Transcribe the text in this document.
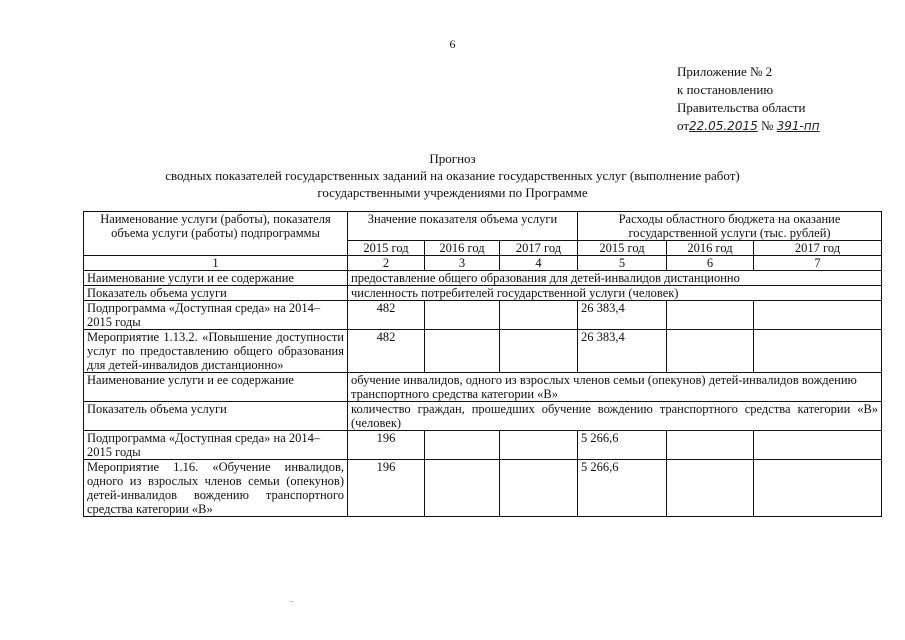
6
Приложение № 2
к постановлению
Правительства области
от22.05.2015 № 391-пп
Прогноз
сводных показателей государственных заданий на оказание государственных услуг (выполнение работ)
государственными учреждениями по Программе
Наименование услуги (работы), показателя объема услуги (работы) подпрограммы	Значение показателя объема услуги			Расходы областного бюджета на оказание государственной услуги (тыс. рублей)		
	2015 год	2016 год	2017 год	2015 год	2016 год	2017 год
1	2	3	4	5	6	7
Наименование услуги и ее содержание	предоставление общего образования для детей-инвалидов дистанционно					
Показатель объема услуги	численность потребителей государственной услуги (человек)					
Подпрограмма «Доступная среда» на 2014–2015 годы	482			26 383,4		
Мероприятие 1.13.2. «Повышение доступности услуг по предоставлению общего образования для детей-инвалидов дистанционно»	482			26 383,4		
Наименование услуги и ее содержание	обучение инвалидов, одного из взрослых членов семьи (опекунов) детей-инвалидов вождению транспортного средства категории «В»					
Показатель объема услуги	количество граждан, прошедших обучение вождению транспортного средства категории «В» (человек)					
Подпрограмма «Доступная среда» на 2014–2015 годы	196			5 266,6		
Мероприятие 1.16. «Обучение инвалидов, одного из взрослых членов семьи (опекунов) детей-инвалидов вождению транспортного средства категории «В»	196			5 266,6		
